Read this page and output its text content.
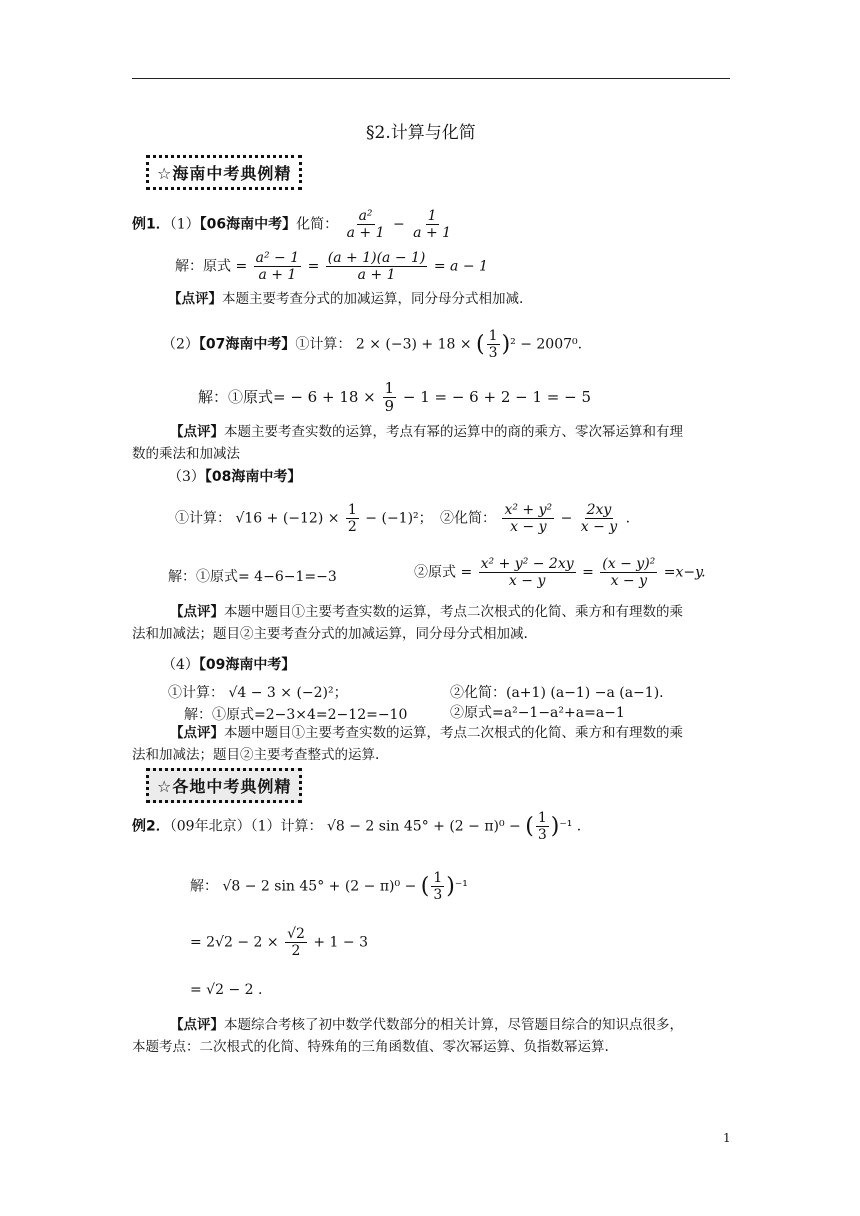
§2.计算与化简
☆海南中考典例精
例1．（1）【06海南中考】化简： $\frac{\text{a²}}{a + 1} - \frac{1}{a + 1}$
解：原式 = $\frac{\text{a² − 1}}{a + 1} = \frac{(a + 1)(a - 1)}{a + 1} = a - 1$
【点评】本题主要考查分式的加减运算，同分母分式相加减.
（2）【07海南中考】①计算： 2 × (−3) + 18 × ( $\frac{1}{3} )^2 - 2007^0$.
解：①原式= − $6 + 18 \times \frac{1}{9} - 1$ = − 6 + 2 − 1 = − 5
【点评】本题主要考查实数的运算，考点有幂的运算中的商的乘方、零次幂运算和有理
数的乘法和加减法
（3）【08海南中考】
①计算： $√16 + (-12) \times \frac{1}{2} - (-1)^2$； ②化简： $\frac{\text{x² + y²}}{x - y} - \frac{2xy}{x - y}$ .
解：①原式= 4−6−1=−3	②原式 = $\frac{\text{x² + y² − 2xy}}{x - y} = \frac{\text{(x − y)²}}{x - y} =x-y$.
【点评】本题中题目①主要考查实数的运算，考点二次根式的化简、乘方和有理数的乘
法和加减法；题目②主要考查分式的加减运算，同分母分式相加减.
（4）【09海南中考】
①计算： √4 − 3 × (−2)²；	②化简：(a+1) (a−1) −a (a−1).
解：①原式=2−3×4=2−12=−10	②原式=a²−1−a²+a=a−1
【点评】本题中题目①主要考查实数的运算，考点二次根式的化简、乘方和有理数的乘
法和加减法；题目②主要考查整式的运算.
☆各地中考典例精
例2．（09年北京）（1）计算： √8 − 2 sin 45° + (2 − π)⁰ − ( $\frac{1}{3} )^{-1}$ .
解： √8 − 2 sin 45° + (2 − π)⁰ − ( $\frac{1}{3} )^{-1}$
= $2√2 - 2 \times \frac{√2}{2} + 1 - 3$
= √2 − 2 .
【点评】本题综合考核了初中数学代数部分的相关计算，尽管题目综合的知识点很多，
本题考点：二次根式的化简、特殊角的三角函数值、零次幂运算、负指数幂运算.
1
